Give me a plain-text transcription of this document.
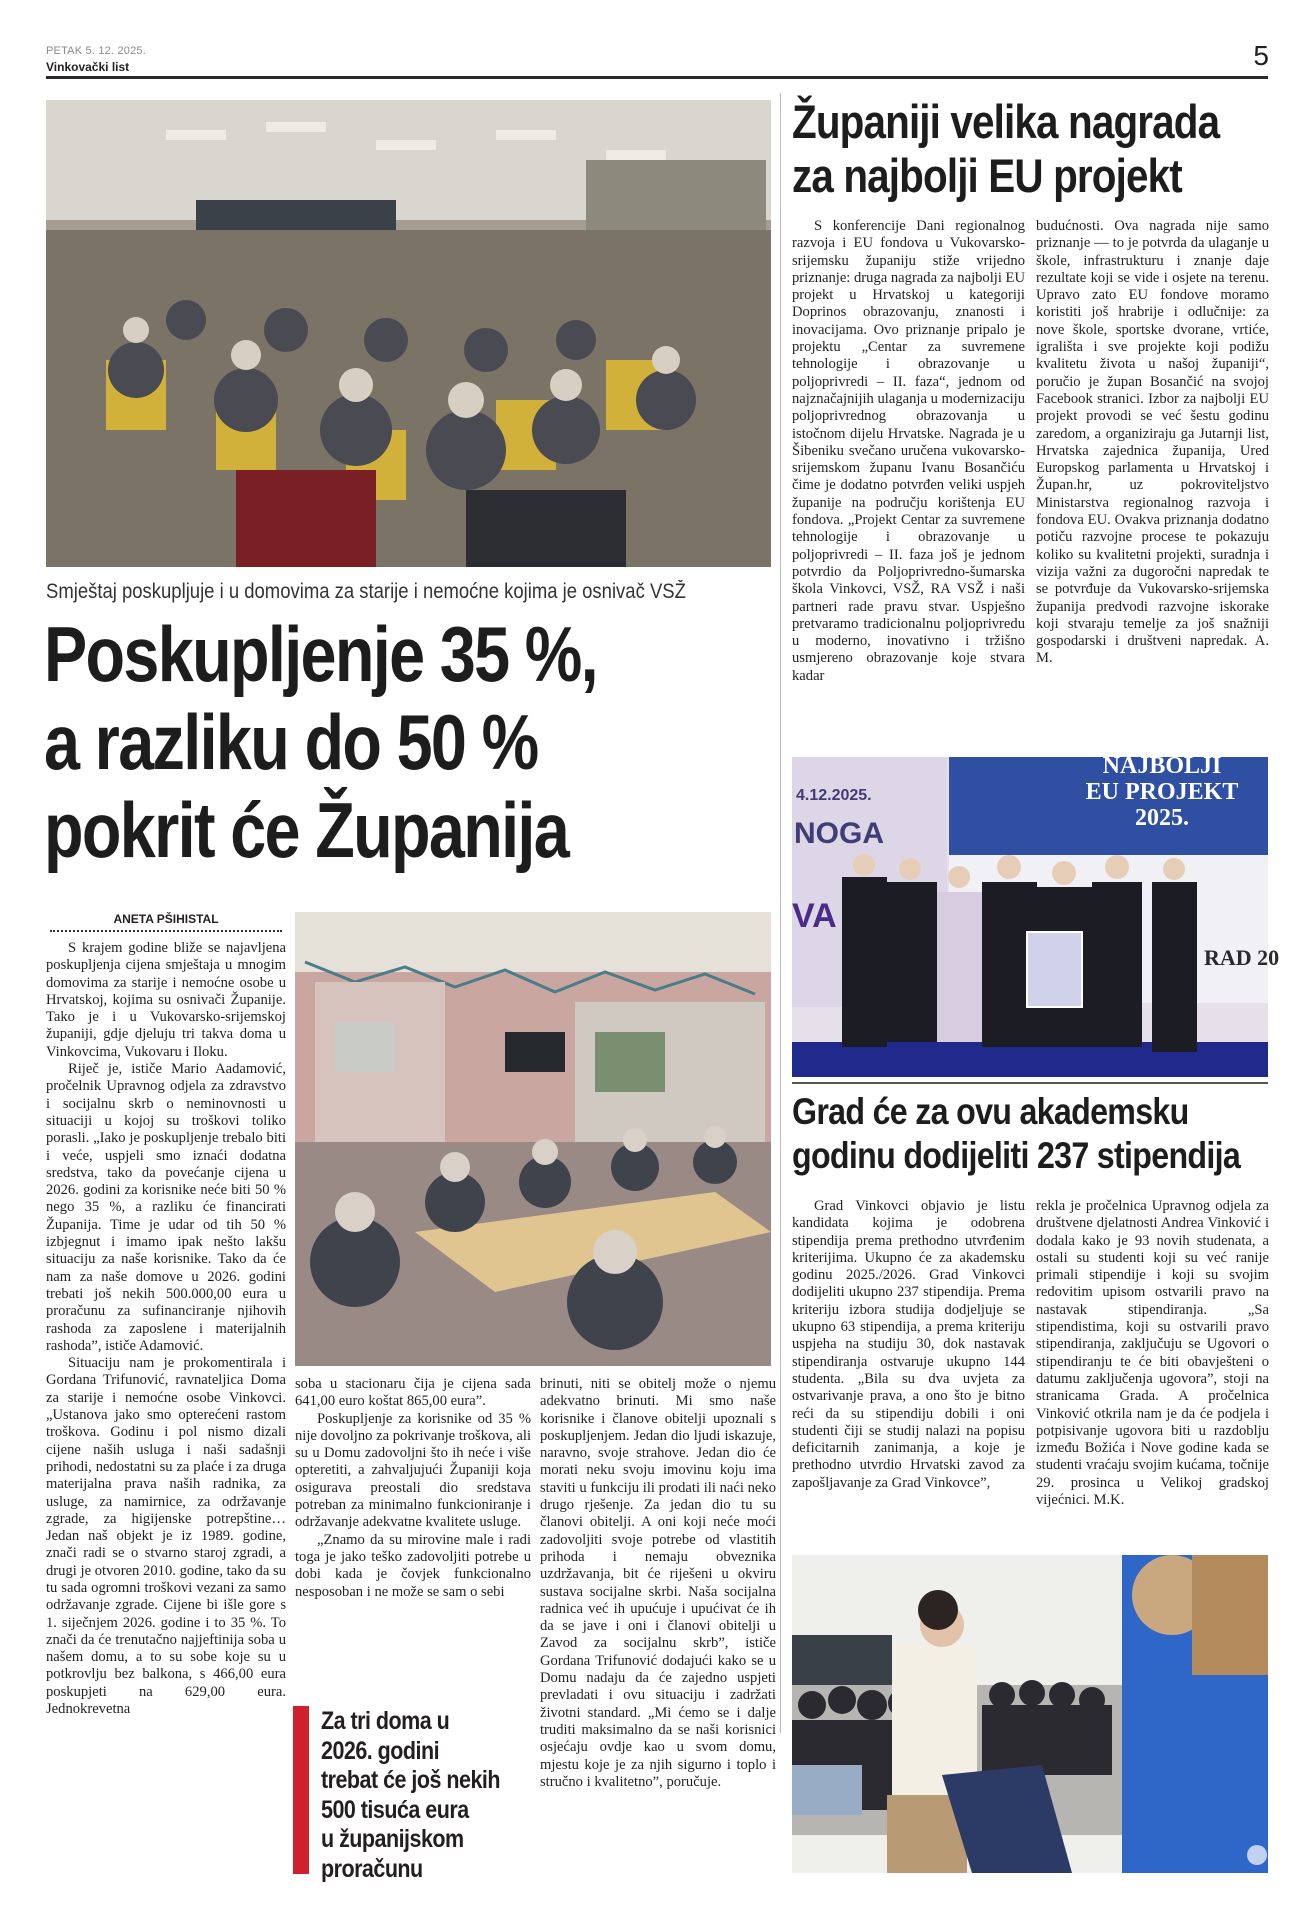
PETAK 5. 12. 2025.
Vinkovački list	5
Smještaj poskupljuje i u domovima za starije i nemoćne kojima je osnivač VSŽ
Poskupljenje 35 %,
a razliku do 50 %
pokrit će Županija
ANETA PŠIHISTAL

S krajem godine bliže se najavljena poskupljenja cijena smještaja u mnogim domovima za starije i nemoćne osobe u Hrvatskoj, kojima su osnivači Županije. Tako je i u Vukovarsko-srijemskoj županiji, gdje djeluju tri takva doma u Vinkovcima, Vukovaru i Iloku.

Riječ je, ističe Mario Aadamović, pročelnik Upravnog odjela za zdravstvo i socijalnu skrb o neminovnosti u situaciji u kojoj su troškovi toliko porasli. „Iako je poskupljenje trebalo biti i veće, uspjeli smo iznaći dodatna sredstva, tako da povećanje cijena u 2026. godini za korisnike neće biti 50 % nego 35 %, a razliku će financirati Županija. Time je udar od tih 50 % izbjegnut i imamo ipak nešto lakšu situaciju za naše korisnike. Tako da će nam za naše domove u 2026. godini trebati još nekih 500.000,00 eura u proračunu za sufinanciranje njihovih rashoda za zaposlene i materijalnih rashoda”, ističe Adamović.

Situaciju nam je prokomentirala i Gordana Trifunović, ravnateljica Doma za starije i nemoćne osobe Vinkovci. „Ustanova jako smo opterećeni rastom troškova. Godinu i pol nismo dizali cijene naših usluga i naši sadašnji prihodi, nedostatni su za plaće i za druga materijalna prava naših radnika, za usluge, za namirnice, za održavanje zgrade, za higijenske potrepštine… Jedan naš objekt je iz 1989. godine, znači radi se o stvarno staroj zgradi, a drugi je otvoren 2010. godine, tako da su tu sada ogromni troškovi vezani za samo održavanje zgrade. Cijene bi išle gore s 1. siječnjem 2026. godine i to 35 %. To znači da će trenutačno najjeftinija soba u našem domu, a to su sobe koje su u potkrovlju bez balkona, s 466,00 eura poskupjeti na 629,00 eura. Jednokrevetna

soba u stacionaru čija je cijena sada 641,00 euro koštat 865,00 eura”.

Poskupljenje za korisnike od 35 % nije dovoljno za pokrivanje troškova, ali su u Domu zadovoljni što ih neće i više opteretiti, a zahvaljujući Županiji koja osigurava preostali dio sredstava potreban za minimalno funkcioniranje i održavanje adekvatne kvalitete usluge.

„Znamo da su mirovine male i radi toga je jako teško zadovoljiti potrebe u dobi kada je čovjek funkcionalno nesposoban i ne može se sam o sebi

Za tri doma u
2026. godini
trebat će još nekih
500 tisuća eura
u županijskom
proračunu

brinuti, niti se obitelj može o njemu adekvatno brinuti. Mi smo naše korisnike i članove obitelji upoznali s poskupljenjem. Jedan dio ljudi iskazuje, naravno, svoje strahove. Jedan dio će morati neku svoju imovinu koju ima staviti u funkciju ili prodati ili naći neko drugo rješenje. Za jedan dio tu su članovi obitelji. A oni koji neće moći zadovoljiti svoje potrebe od vlastitih prihoda i nemaju obveznika uzdržavanja, bit će riješeni u okviru sustava socijalne skrbi. Naša socijalna radnica već ih upućuje i upućivat će ih da se jave i oni i članovi obitelji u Zavod za socijalnu skrb”, ističe Gordana Trifunović dodajući kako se u Domu nadaju da će zajedno uspjeti prevladati i ovu situaciju i zadržati životni standard. „Mi ćemo se i dalje truditi maksimalno da se naši korisnici osjećaju ovdje kao u svom domu, mjestu koje je za njih sigurno i toplo i stručno i kvalitetno”, poručuje.

Županiji velika nagrada
za najbolji EU projekt

S konferencije Dani regionalnog razvoja i EU fondova u Vukovarsko-srijemsku županiju stiže vrijedno priznanje: druga nagrada za najbolji EU projekt u Hrvatskoj u kategoriji Doprinos obrazovanju, znanosti i inovacijama. Ovo priznanje pripalo je projektu „Centar za suvremene tehnologije i obrazovanje u poljoprivredi – II. faza“, jednom od najznačajnijih ulaganja u modernizaciju poljoprivrednog obrazovanja u istočnom dijelu Hrvatske. Nagrada je u Šibeniku svečano uručena vukovarsko-srijemskom županu Ivanu Bosančiću čime je dodatno potvrđen veliki uspjeh županije na području korištenja EU fondova. „Projekt Centar za suvremene tehnologije i obrazovanje u poljoprivredi – II. faza još je jednom potvrdio da Poljoprivredno-šumarska škola Vinkovci, VSŽ, RA VSŽ i naši partneri rade pravu stvar. Uspješno pretvaramo tradicionalnu poljoprivredu u moderno, inovativno i tržišno usmjereno obrazovanje koje stvara kadar

budućnosti. Ova nagrada nije samo priznanje — to je potvrda da ulaganje u škole, infrastrukturu i znanje daje rezultate koji se vide i osjete na terenu. Upravo zato EU fondove moramo koristiti još hrabrije i odlučnije: za nove škole, sportske dvorane, vrtiće, igrališta i sve projekte koji podižu kvalitetu života u našoj županiji“, poručio je župan Bosančić na svojoj Facebook stranici. Izbor za najbolji EU projekt provodi se već šestu godinu zaredom, a organiziraju ga Jutarnji list, Hrvatska zajednica županija, Ured Europskog parlamenta u Hrvatskoj i Župan.hr, uz pokroviteljstvo Ministarstva regionalnog razvoja i fondova EU. Ovakva priznanja dodatno potiču razvojne procese te pokazuju koliko su kvalitetni projekti, suradnja i vizija važni za dugoročni napredak te se potvrđuje da Vukovarsko-srijemska županija predvodi razvojne iskorake koji stvaraju temelje za još snažniji gospodarski i društveni napredak. A. M.

4.12.2025.
NOGA
VA
NAJBOLJI
EU PROJEKT
2025.
RAD 20
Grad će za ovu akademsku
godinu dodijeliti 237 stipendija

Grad Vinkovci objavio je listu kandidata kojima je odobrena stipendija prema prethodno utvrđenim kriterijima. Ukupno će za akademsku godinu 2025./2026. Grad Vinkovci dodijeliti ukupno 237 stipendija. Prema kriteriju izbora studija dodjeljuje se ukupno 63 stipendija, a prema kriteriju uspjeha na studiju 30, dok nastavak stipendiranja ostvaruje ukupno 144 studenta. „Bila su dva uvjeta za ostvarivanje prava, a ono što je bitno reći da su stipendiju dobili i oni studenti čiji se studij nalazi na popisu deficitarnih zanimanja, a koje je prethodno utvrdio Hrvatski zavod za zapošljavanje za Grad Vinkovce”,

rekla je pročelnica Upravnog odjela za društvene djelatnosti Andrea Vinković i dodala kako je 93 novih studenata, a ostali su studenti koji su već ranije primali stipendije i koji su svojim redovitim upisom ostvarili pravo na nastavak stipendiranja. „Sa stipendistima, koji su ostvarili pravo stipendiranja, zaključuju se Ugovori o stipendiranju te će biti obavješteni o datumu zaključenja ugovora”, stoji na stranicama Grada. A pročelnica Vinković otkrila nam je da će podjela i potpisivanje ugovora biti u razdoblju između Božića i Nove godine kada se studenti vraćaju svojim kućama, točnije 29. prosinca u Velikoj gradskoj vijećnici. M.K.
